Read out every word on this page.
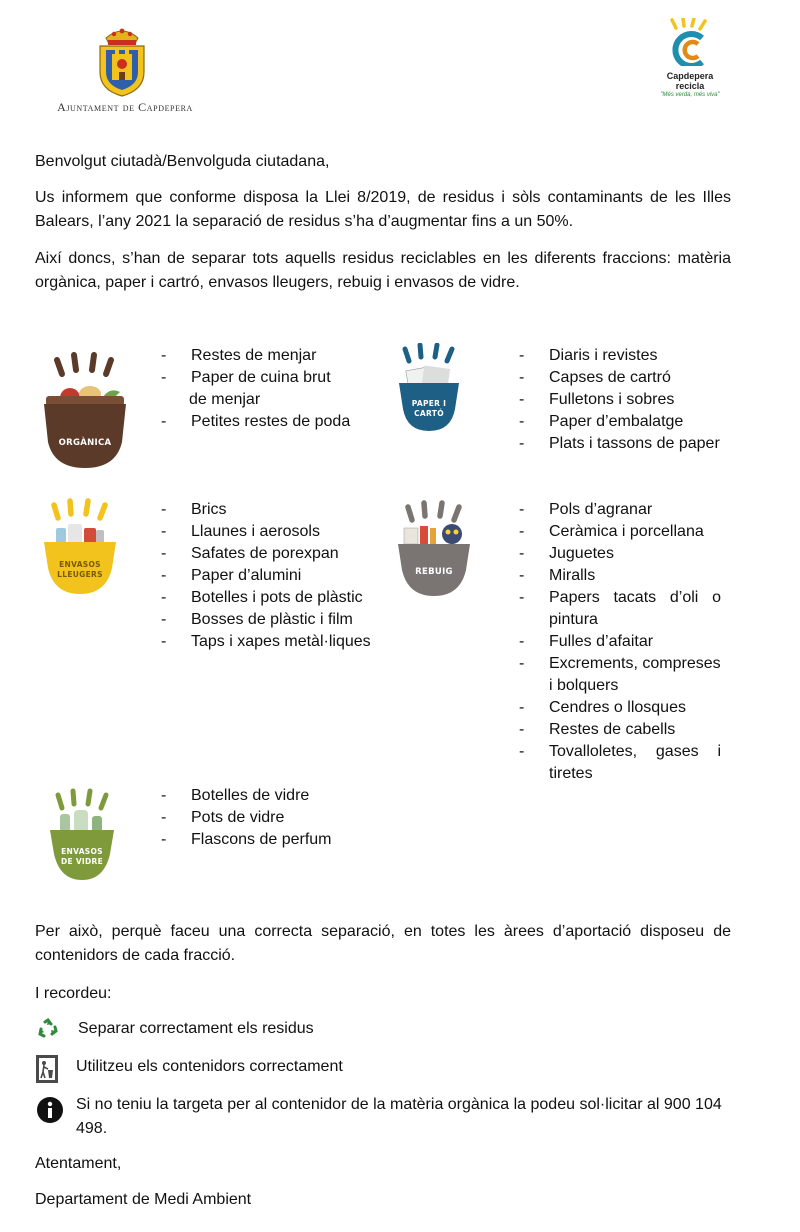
Ajuntament de Capdepera
Capdepera
recicla
"Més verda, més viva"
Benvolgut ciutadà/Benvolguda ciutadana,
Us informem que conforme disposa la Llei 8/2019, de residus i sòls contaminants de les Illes Balears, l’any 2021 la separació de residus s’ha d’augmentar fins a un 50%.
Així doncs, s’han de separar tots aquells residus reciclables en les diferents fraccions: matèria orgànica, paper i cartró, envasos lleugers, rebuig i envasos de vidre.
ORGÀNICA
- Restes de menjar
- Paper de cuina brut
de menjar
- Petites restes de poda
PAPER I
CARTÓ
- Diaris i revistes
- Capses de cartró
- Fulletons i sobres
- Paper d’embalatge
- Plats i tassons de paper
ENVASOS
LLEUGERS
- Brics
- Llaunes i aerosols
- Safates de porexpan
- Paper d’alumini
- Botelles i pots de plàstic
- Bosses de plàstic i film
- Taps i xapes metàl·liques
REBUIG
- Pols d’agranar
- Ceràmica i porcellana
- Juguetes
- Miralls
- Papers tacats d’oli o
pintura
- Fulles d’afaitar
- Excrements, compreses
i bolquers
- Cendres o llosques
- Restes de cabells
- Tovalloletes, gases i
tiretes
ENVASOS
DE VIDRE
- Botelles de vidre
- Pots de vidre
- Flascons de perfum
Per això, perquè faceu una correcta separació, en totes les àrees d’aportació disposeu de contenidors de cada fracció.
I recordeu:
Separar correctament els residus
Utilitzeu els contenidors correctament
Si no teniu la targeta per al contenidor de la matèria orgànica la podeu sol·licitar al 900 104 498.
Atentament,
Departament de Medi Ambient
